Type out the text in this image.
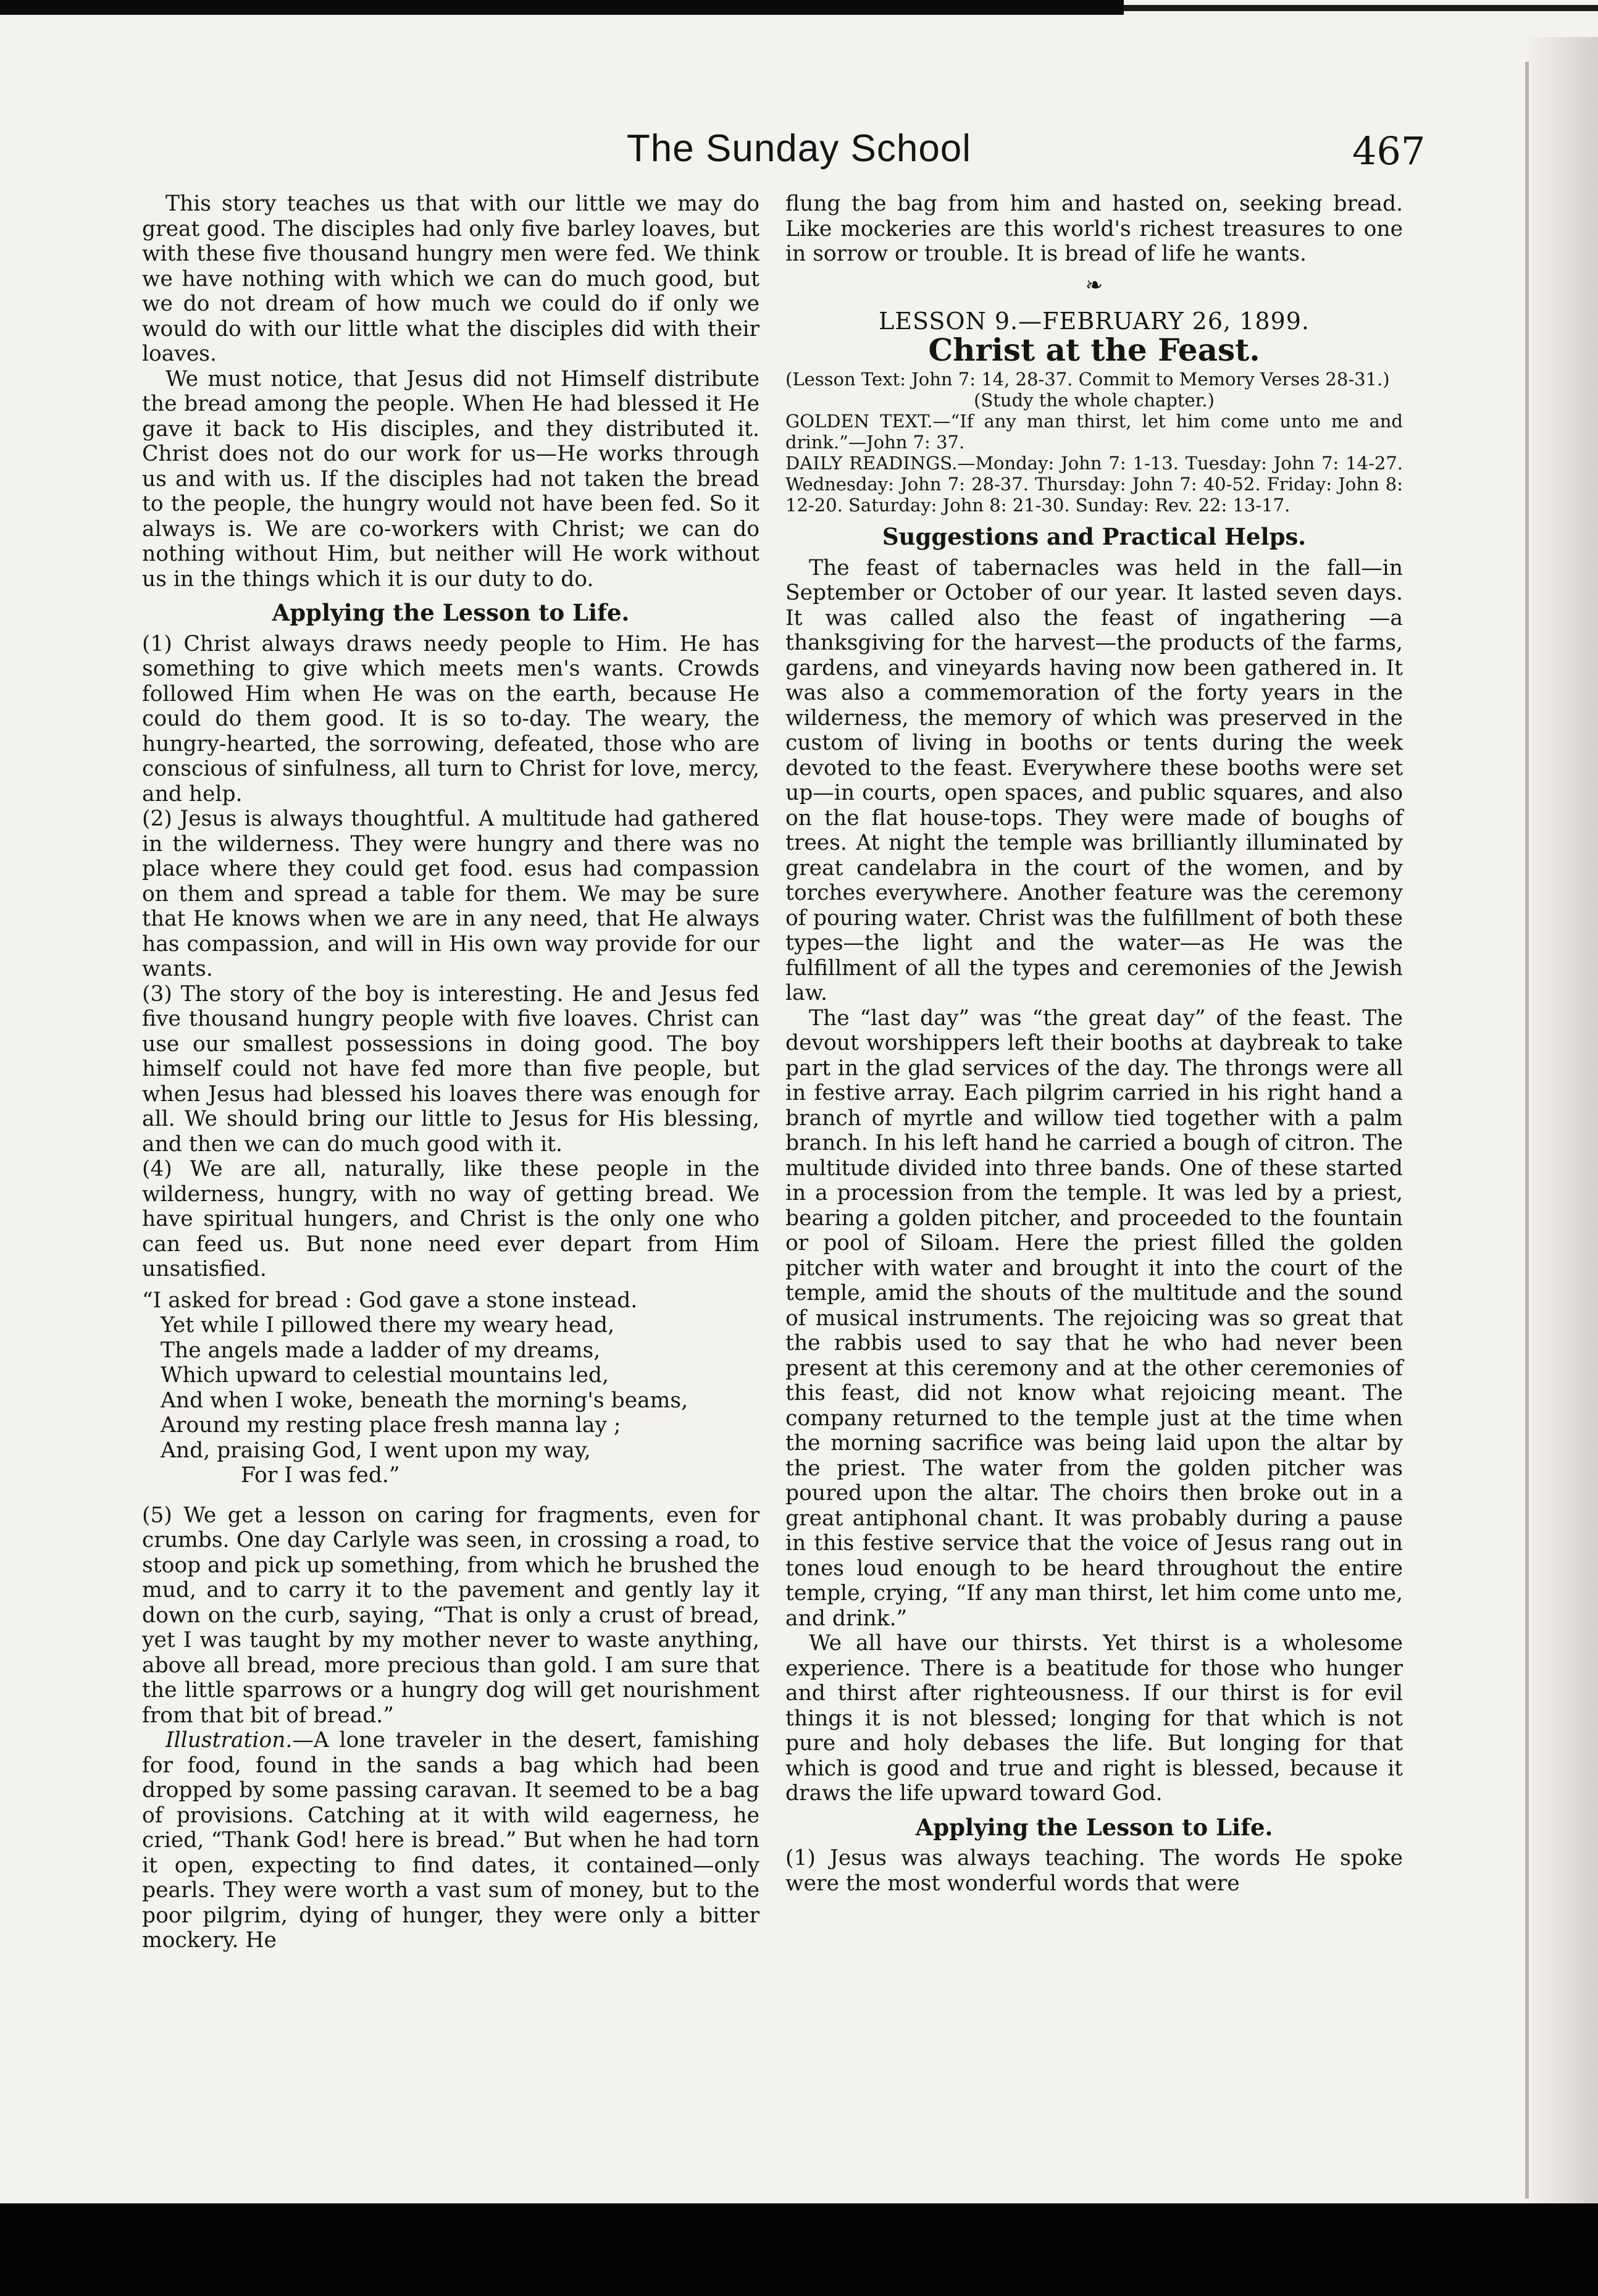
The Sunday School	467

This story teaches us that with our little we may do great good. The disciples had only five barley loaves, but with these five thousand hungry men were fed. We think we have nothing with which we can do much good, but we do not dream of how much we could do if only we would do with our little what the disciples did with their loaves.

We must notice, that Jesus did not Himself distribute the bread among the people. When He had blessed it He gave it back to His disciples, and they distributed it. Christ does not do our work for us—He works through us and with us. If the disciples had not taken the bread to the people, the hungry would not have been fed. So it always is. We are co-workers with Christ; we can do nothing without Him, but neither will He work without us in the things which it is our duty to do.

Applying the Lesson to Life.

(1) Christ always draws needy people to Him. He has something to give which meets men's wants. Crowds followed Him when He was on the earth, because He could do them good. It is so to-day. The weary, the hungry-hearted, the sorrowing, defeated, those who are conscious of sinfulness, all turn to Christ for love, mercy, and help.

(2) Jesus is always thoughtful. A multitude had gathered in the wilderness. They were hungry and there was no place where they could get food. esus had compassion on them and spread a table for them. We may be sure that He knows when we are in any need, that He always has compassion, and will in His own way provide for our wants.

(3) The story of the boy is interesting. He and Jesus fed five thousand hungry people with five loaves. Christ can use our smallest possessions in doing good. The boy himself could not have fed more than five people, but when Jesus had blessed his loaves there was enough for all. We should bring our little to Jesus for His blessing, and then we can do much good with it.

(4) We are all, naturally, like these people in the wilderness, hungry, with no way of getting bread. We have spiritual hungers, and Christ is the only one who can feed us. But none need ever depart from Him unsatisfied.

“I asked for bread : God gave a stone instead.
Yet while I pillowed there my weary head,
The angels made a ladder of my dreams,
Which upward to celestial mountains led,
And when I woke, beneath the morning's beams,
Around my resting place fresh manna lay ;
And, praising God, I went upon my way,
For I was fed.”

(5) We get a lesson on caring for fragments, even for crumbs. One day Carlyle was seen, in crossing a road, to stoop and pick up something, from which he brushed the mud, and to carry it to the pavement and gently lay it down on the curb, saying, “That is only a crust of bread, yet I was taught by my mother never to waste anything, above all bread, more precious than gold. I am sure that the little sparrows or a hungry dog will get nourishment from that bit of bread.”

Illustration.—A lone traveler in the desert, famishing for food, found in the sands a bag which had been dropped by some passing caravan. It seemed to be a bag of provisions. Catching at it with wild eagerness, he cried, “Thank God! here is bread.” But when he had torn it open, expecting to find dates, it contained—only pearls. They were worth a vast sum of money, but to the poor pilgrim, dying of hunger, they were only a bitter mockery. He

flung the bag from him and hasted on, seeking bread. Like mockeries are this world's richest treasures to one in sorrow or trouble. It is bread of life he wants.

❧
LESSON 9.—FEBRUARY 26, 1899.
Christ at the Feast.

(Lesson Text: John 7: 14, 28-37. Commit to Memory Verses 28-31.)

(Study the whole chapter.)

GOLDEN TEXT.—“If any man thirst, let him come unto me and drink.”—John 7: 37.

DAILY READINGS.—Monday: John 7: 1-13. Tuesday: John 7: 14-27. Wednesday: John 7: 28-37. Thursday: John 7: 40-52. Friday: John 8: 12-20. Saturday: John 8: 21-30. Sunday: Rev. 22: 13-17.

Suggestions and Practical Helps.

The feast of tabernacles was held in the fall—in September or October of our year. It lasted seven days. It was called also the feast of ingathering —a thanksgiving for the harvest—the products of the farms, gardens, and vineyards having now been gathered in. It was also a commemoration of the forty years in the wilderness, the memory of which was preserved in the custom of living in booths or tents during the week devoted to the feast. Everywhere these booths were set up—in courts, open spaces, and public squares, and also on the flat house-tops. They were made of boughs of trees. At night the temple was brilliantly illuminated by great candelabra in the court of the women, and by torches everywhere. Another feature was the ceremony of pouring water. Christ was the fulfillment of both these types—the light and the water—as He was the fulfillment of all the types and ceremonies of the Jewish law.

The “last day” was “the great day” of the feast. The devout worshippers left their booths at daybreak to take part in the glad services of the day. The throngs were all in festive array. Each pilgrim carried in his right hand a branch of myrtle and willow tied together with a palm branch. In his left hand he carried a bough of citron. The multitude divided into three bands. One of these started in a procession from the temple. It was led by a priest, bearing a golden pitcher, and proceeded to the fountain or pool of Siloam. Here the priest filled the golden pitcher with water and brought it into the court of the temple, amid the shouts of the multitude and the sound of musical instruments. The rejoicing was so great that the rabbis used to say that he who had never been present at this ceremony and at the other ceremonies of this feast, did not know what rejoicing meant. The company returned to the temple just at the time when the morning sacrifice was being laid upon the altar by the priest. The water from the golden pitcher was poured upon the altar. The choirs then broke out in a great antiphonal chant. It was probably during a pause in this festive service that the voice of Jesus rang out in tones loud enough to be heard throughout the entire temple, crying, “If any man thirst, let him come unto me, and drink.”

We all have our thirsts. Yet thirst is a wholesome experience. There is a beatitude for those who hunger and thirst after righteousness. If our thirst is for evil things it is not blessed; longing for that which is not pure and holy debases the life. But longing for that which is good and true and right is blessed, because it draws the life upward toward God.

Applying the Lesson to Life.

(1) Jesus was always teaching. The words He spoke were the most wonderful words that were
